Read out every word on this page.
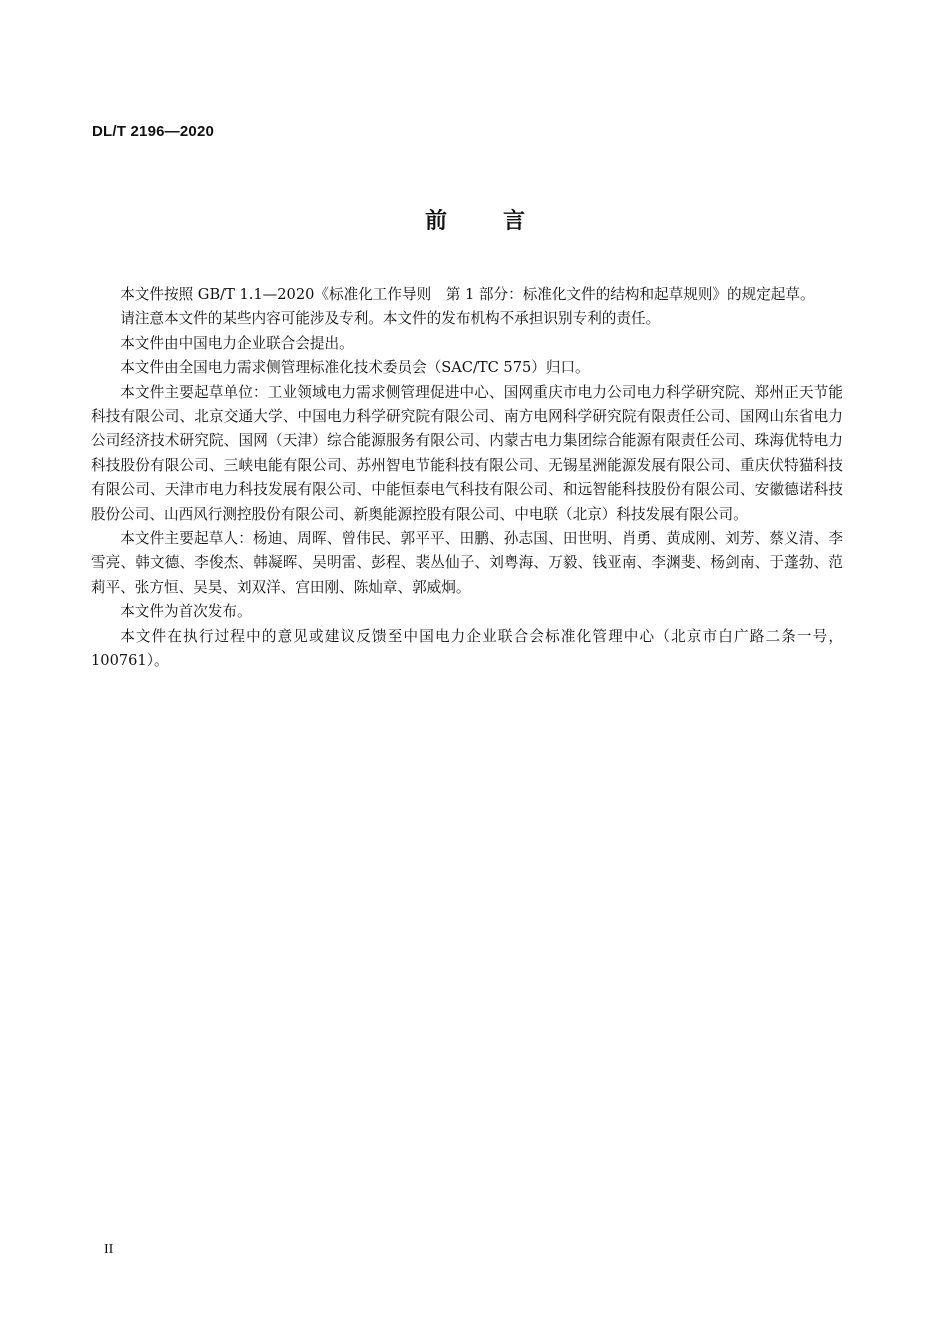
DL/T 2196—2020
前言

本文件按照 GB/T 1.1—2020《标准化工作导则　第 1 部分：标准化文件的结构和起草规则》的规定起草。

请注意本文件的某些内容可能涉及专利。本文件的发布机构不承担识别专利的责任。

本文件由中国电力企业联合会提出。

本文件由全国电力需求侧管理标准化技术委员会（SAC/TC 575）归口。

本文件主要起草单位：工业领域电力需求侧管理促进中心、国网重庆市电力公司电力科学研究院、郑州正天节能科技有限公司、北京交通大学、中国电力科学研究院有限公司、南方电网科学研究院有限责任公司、国网山东省电力公司经济技术研究院、国网（天津）综合能源服务有限公司、内蒙古电力集团综合能源有限责任公司、珠海优特电力科技股份有限公司、三峡电能有限公司、苏州智电节能科技有限公司、无锡星洲能源发展有限公司、重庆伏特猫科技有限公司、天津市电力科技发展有限公司、中能恒泰电气科技有限公司、和远智能科技股份有限公司、安徽德诺科技股份公司、山西风行测控股份有限公司、新奥能源控股有限公司、中电联（北京）科技发展有限公司。

本文件主要起草人：杨迪、周晖、曾伟民、郭平平、田鹏、孙志国、田世明、肖勇、黄成刚、刘芳、蔡义清、李雪亮、韩文德、李俊杰、韩凝晖、吴明雷、彭程、裴丛仙子、刘粤海、万毅、钱亚南、李渊斐、杨剑南、于蓬勃、范莉平、张方恒、吴昊、刘双洋、宫田刚、陈灿章、郭威炯。

本文件为首次发布。

本文件在执行过程中的意见或建议反馈至中国电力企业联合会标准化管理中心（北京市白广路二条一号，100761）。

II
